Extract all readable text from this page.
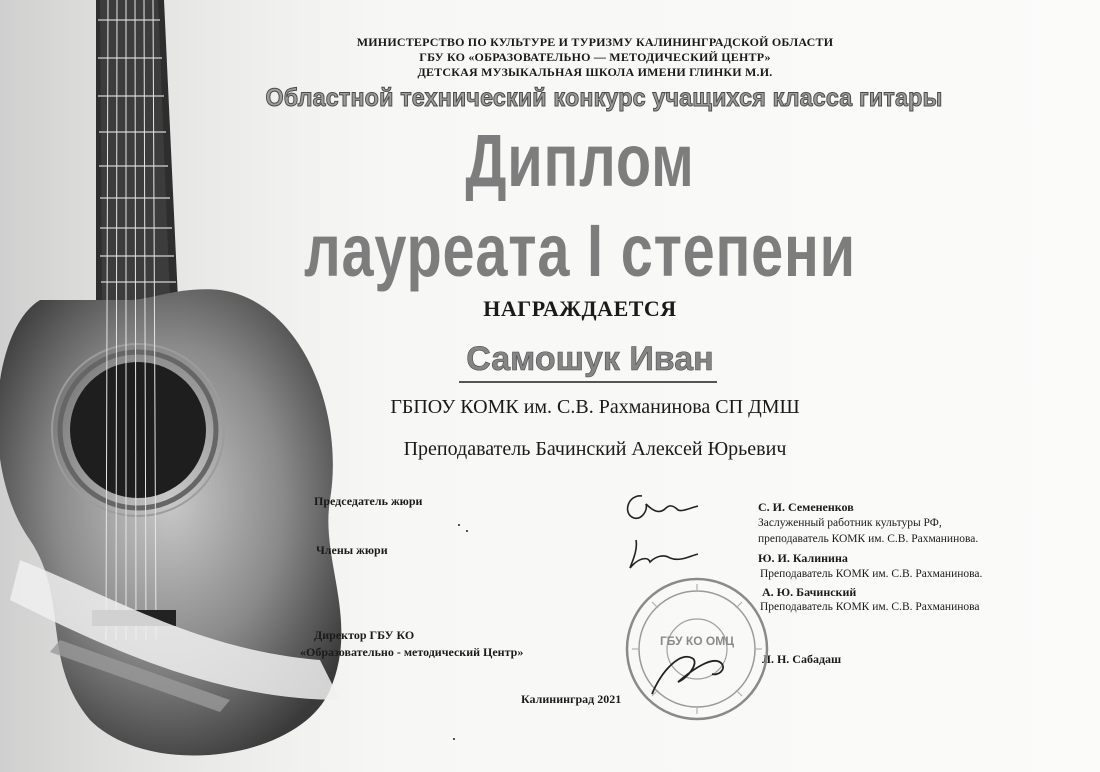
МИНИСТЕРСТВО ПО КУЛЬТУРЕ И ТУРИЗМУ КАЛИНИНГРАДСКОЙ ОБЛАСТИ
ГБУ КО «ОБРАЗОВАТЕЛЬНО — МЕТОДИЧЕСКИЙ ЦЕНТР»
ДЕТСКАЯ МУЗЫКАЛЬНАЯ ШКОЛА ИМЕНИ ГЛИНКИ М.И.
Областной технический конкурс учащихся класса гитары
Диплом
лауреата I степени
НАГРАЖДАЕТСЯ
Самошук Иван
ГБПОУ КОМК им. С.В. Рахманинова СП ДМШ
Преподаватель Бачинский Алексей Юрьевич
Председатель жюри
Члены жюри
С. И. Семененков
Заслуженный работник культуры РФ,
преподаватель КОМК им. С.В. Рахманинова.
Ю. И. Калинина
Преподаватель КОМК им. С.В. Рахманинова.
А. Ю. Бачинский
Преподаватель КОМК им. С.В. Рахманинова
Директор ГБУ КО
«Образовательно - методический Центр»	Л. Н. Сабадаш
Калининград 2021
ГБУ КО ОМЦ
